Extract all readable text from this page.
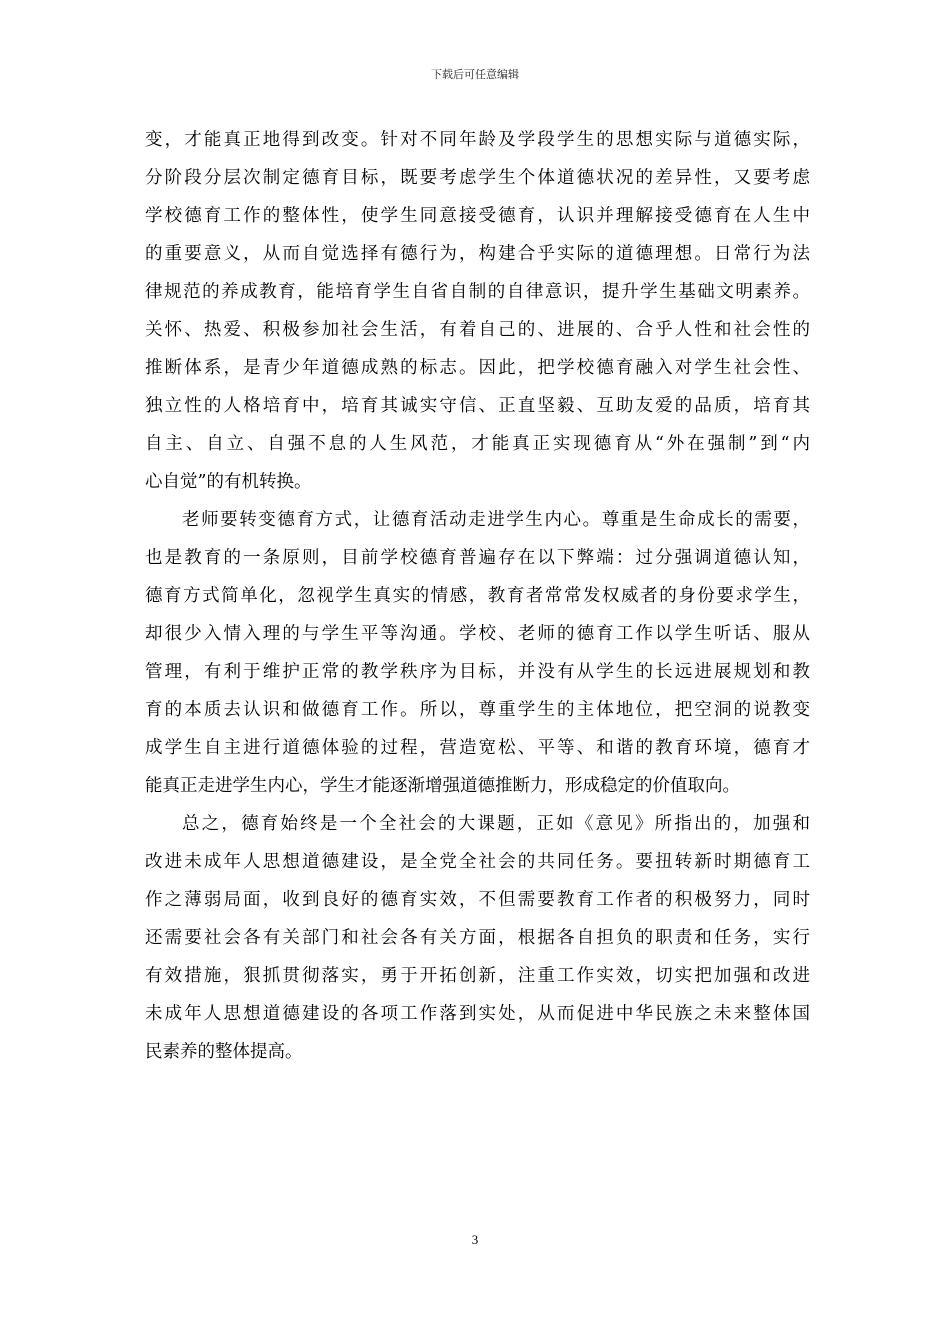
下载后可任意编辑
变，才能真正地得到改变。针对不同年龄及学段学生的思想实际与道德实际，
分阶段分层次制定德育目标，既要考虑学生个体道德状况的差异性，又要考虑
学校德育工作的整体性，使学生同意接受德育，认识并理解接受德育在人生中
的重要意义，从而自觉选择有德行为，构建合乎实际的道德理想。日常行为法
律规范的养成教育，能培育学生自省自制的自律意识，提升学生基础文明素养。
关怀、热爱、积极参加社会生活，有着自己的、进展的、合乎人性和社会性的
推断体系，是青少年道德成熟的标志。因此，把学校德育融入对学生社会性、
独立性的人格培育中，培育其诚实守信、正直坚毅、互助友爱的品质，培育其
自主、自立、自强不息的人生风范，才能真正实现德育从“外在强制”到“内
心自觉”的有机转换。
老师要转变德育方式，让德育活动走进学生内心。尊重是生命成长的需要，
也是教育的一条原则，目前学校德育普遍存在以下弊端：过分强调道德认知，
德育方式简单化，忽视学生真实的情感，教育者常常发权威者的身份要求学生，
却很少入情入理的与学生平等沟通。学校、老师的德育工作以学生听话、服从
管理，有利于维护正常的教学秩序为目标，并没有从学生的长远进展规划和教
育的本质去认识和做德育工作。所以，尊重学生的主体地位，把空洞的说教变
成学生自主进行道德体验的过程，营造宽松、平等、和谐的教育环境，德育才
能真正走进学生内心，学生才能逐渐增强道德推断力，形成稳定的价值取向。
总之，德育始终是一个全社会的大课题，正如《意见》所指出的，加强和
改进未成年人思想道德建设，是全党全社会的共同任务。要扭转新时期德育工
作之薄弱局面，收到良好的德育实效，不但需要教育工作者的积极努力，同时
还需要社会各有关部门和社会各有关方面，根据各自担负的职责和任务，实行
有效措施，狠抓贯彻落实，勇于开拓创新，注重工作实效，切实把加强和改进
未成年人思想道德建设的各项工作落到实处，从而促进中华民族之未来整体国
民素养的整体提高。
3
